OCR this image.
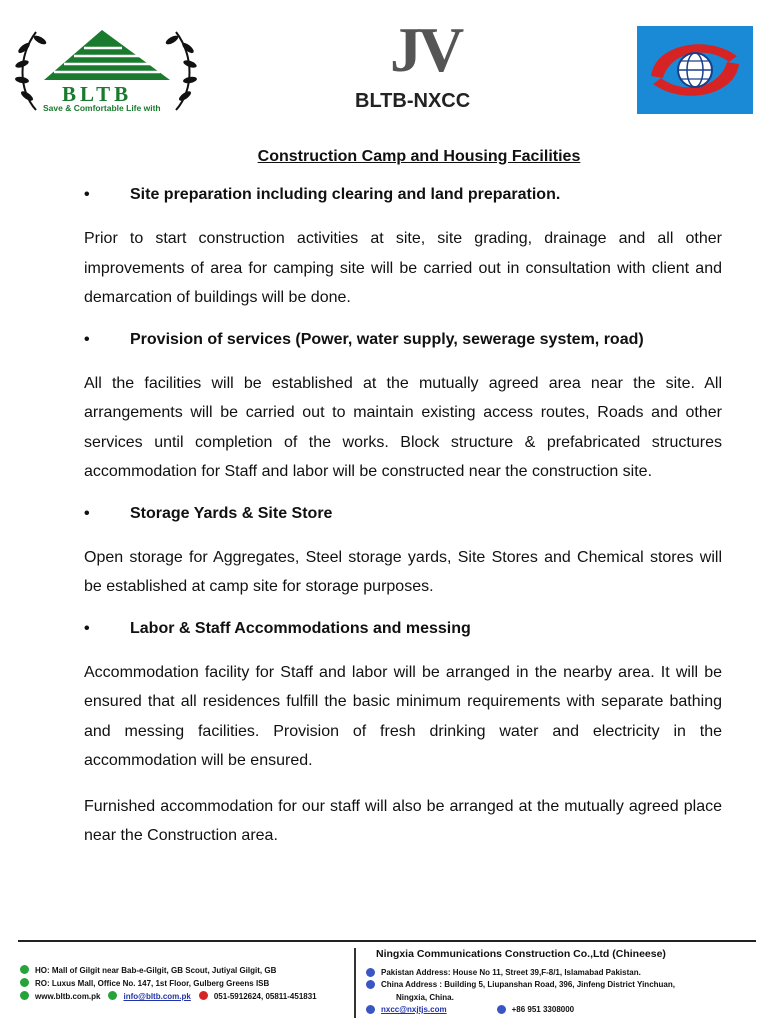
BLTB
Save & Comfortable Life with
JV
BLTB-NXCC
Construction Camp and Housing Facilities
•	Site preparation including clearing and land preparation.

Prior to start construction activities at site, site grading, drainage and all other improvements of area for camping site will be carried out in consultation with client and demarcation of buildings will be done.

•	Provision of services (Power, water supply, sewerage system, road)

All the facilities will be established at the mutually agreed area near the site. All arrangements will be carried out to maintain existing access routes, Roads and other services until completion of the works. Block structure & prefabricated structures accommodation for Staff and labor will be constructed near the construction site.

•	Storage Yards & Site Store

Open storage for Aggregates, Steel storage yards, Site Stores and Chemical stores will be established at camp site for storage purposes.

•	Labor & Staff Accommodations and messing

Accommodation facility for Staff and labor will be arranged in the nearby area. It will be ensured that all residences fulfill the basic minimum requirements with separate bathing and messing facilities. Provision of fresh drinking water and electricity in the accommodation will be ensured.

Furnished accommodation for our staff will also be arranged at the mutually agreed place near the Construction area.

HO: Mall of Gilgit near Bab-e-Gilgit, GB Scout, Jutiyal Gilgit, GB
RO: Luxus Mall, Office No. 147, 1st Floor, Gulberg Greens ISB
www.bltb.com.pk	info@bltb.com.pk	051-5912624, 05811-451831
Ningxia Communications Construction Co.,Ltd (Chineese)
Pakistan Address: House No 11, Street 39,F-8/1, Islamabad Pakistan.
China Address : Building 5, Liupanshan Road, 396, Jinfeng District Yinchuan,
Ningxia, China.
nxcc@nxjtjs.com	+86 951 3308000
